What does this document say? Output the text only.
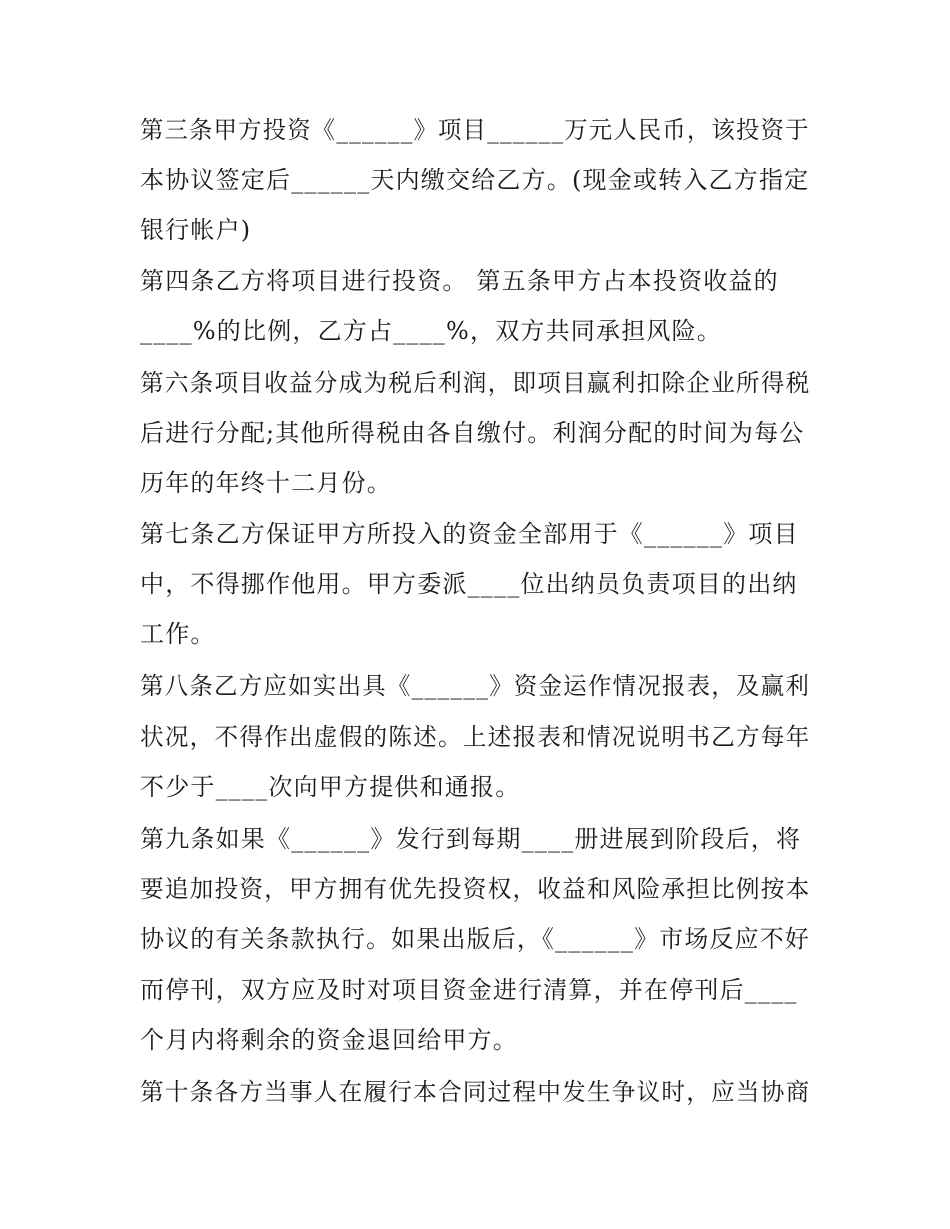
第三条甲方投资《______》项目______万元人民币，该投资于

本协议签定后______天内缴交给乙方。(现金或转入乙方指定

银行帐户)

第四条乙方将项目进行投资。 第五条甲方占本投资收益的

____%的比例，乙方占____%，双方共同承担风险。

第六条项目收益分成为税后利润，即项目赢利扣除企业所得税

后进行分配;其他所得税由各自缴付。利润分配的时间为每公

历年的年终十二月份。

第七条乙方保证甲方所投入的资金全部用于《______》项目

中，不得挪作他用。甲方委派____位出纳员负责项目的出纳

工作。

第八条乙方应如实出具《______》资金运作情况报表，及赢利

状况，不得作出虚假的陈述。上述报表和情况说明书乙方每年

不少于____次向甲方提供和通报。

第九条如果《______》发行到每期____册进展到阶段后，将

要追加投资，甲方拥有优先投资权，收益和风险承担比例按本

协议的有关条款执行。如果出版后，《______》市场反应不好

而停刊，双方应及时对项目资金进行清算，并在停刊后____

个月内将剩余的资金退回给甲方。

第十条各方当事人在履行本合同过程中发生争议时，应当协商
